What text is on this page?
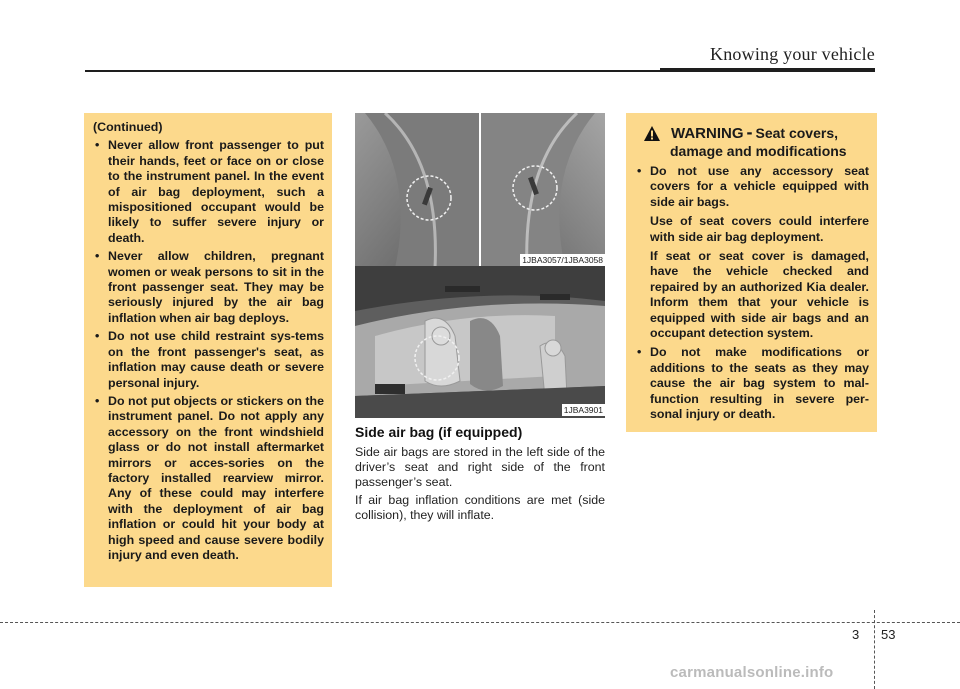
Knowing your vehicle
(Continued)
• Never allow front passenger to put their hands, feet or face on or close to the instrument panel. In the event of air bag deployment, such a mispositioned occupant would be likely to suffer severe injury or death.
• Never allow children, pregnant women or weak persons to sit in the front passenger seat. They may be seriously injured by the air bag inflation when air bag deploys.
• Do not use child restraint sys-tems on the front passenger's seat, as inflation may cause death or severe personal injury.
• Do not put objects or stickers on the instrument panel. Do not apply any accessory on the front windshield glass or do not install aftermarket mirrors or acces-sories on the factory installed rearview mirror. Any of these could may interfere with the deployment of air bag inflation or could hit your body at high speed and cause severe bodily injury and even death.
1JBA3057/1JBA3058
1JBA3901
Side air bag (if equipped)

Side air bags are stored in the left side of the driver’s seat and right side of the front passenger’s seat.

If air bag inflation conditions are met (side collision), they will inflate.

WARNING - Seat covers,
damage and modifications
• Do not use any accessory seat covers for a vehicle equipped with side air bags.
Use of seat covers could interfere with side air bag deployment.
If seat or seat cover is damaged, have the vehicle checked and repaired by an authorized Kia dealer. Inform them that your vehicle is equipped with side air bags and an occupant detection system.
• Do not make modifications or additions to the seats as they may cause the air bag system to mal-function resulting in severe per-sonal injury or death.
3 53
carmanualsonline.info
